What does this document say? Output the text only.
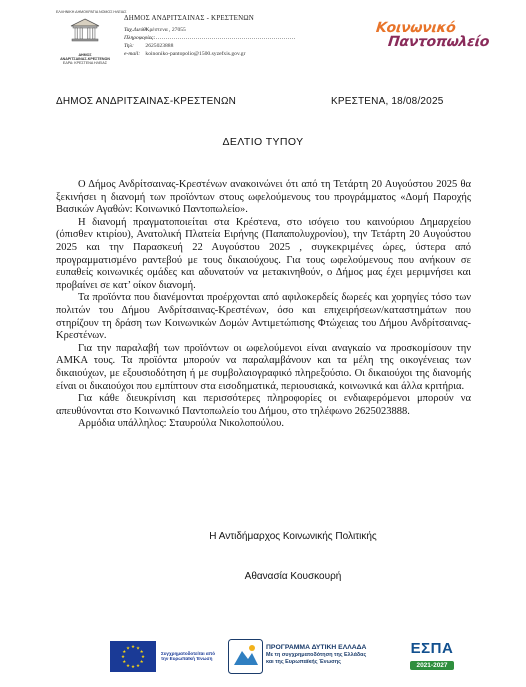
ΕΛΛΗΝΙΚΗ ΔΗΜΟΚΡΑΤΙΑ ΝΟΜΟΣ ΗΛΕΙΑΣ
ΔΗΜΟΣ
ΑΝΔΡΙΤΣΑΙΝΑΣ-ΚΡΕΣΤΕΝΩΝ
ΕΔΡΑ: ΚΡΕΣΤΕΝΑ ΗΛΕΙΑΣ
ΔΗΜΟΣ ΑΝΔΡΙΤΣΑΙΝΑΣ - ΚΡΕΣΤΕΝΩΝ
Ταχ.Διεύθ: Κρέστενα , 27055
Πληροφορίες:
Τηλ: 2625023888
e-mail: koinoniko-pantopolio@1500.syzefxis.gov.gr
Κοινωνικό
Παντοπωλείο
ΔΗΜΟΣ ΑΝΔΡΙΤΣΑΙΝΑΣ-ΚΡΕΣΤΕΝΩΝ	ΚΡΕΣΤΕΝΑ, 18/08/2025
ΔΕΛΤΙΟ ΤΥΠΟΥ

Ο Δήμος Ανδρίτσαινας-Κρεστένων ανακοινώνει ότι από τη Τετάρτη 20 Αυγούστου 2025 θα ξεκινήσει η διανομή των προϊόντων στους ωφελούμενους του προγράμματος «Δομή Παροχής Βασικών Αγαθών: Κοινωνικό Παντοπωλείο».

Η διανομή πραγματοποιείται στα Κρέστενα, στο ισόγειο του καινούριου Δημαρχείου (όπισθεν κτιρίου), Ανατολική Πλατεία Ειρήνης (Παπαπολυχρονίου), την Τετάρτη 20 Αυγούστου 2025 και την Παρασκευή 22 Αυγούστου 2025 , συγκεκριμένες ώρες, ύστερα από προγραμματισμένο ραντεβού με τους δικαιούχους. Για τους ωφελούμενους που ανήκουν σε ευπαθείς κοινωνικές ομάδες και αδυνατούν να μετακινηθούν, ο Δήμος μας έχει μεριμνήσει και προβαίνει σε κατ’ οίκον διανομή.

Τα προϊόντα που διανέμονται προέρχονται από αφιλοκερδείς δωρεές και χορηγίες τόσο των πολιτών του Δήμου Ανδρίτσαινας-Κρεστένων, όσο και επιχειρήσεων/καταστημάτων που στηρίζουν τη δράση των Κοινωνικών Δομών Αντιμετώπισης Φτώχειας του Δήμου Ανδρίτσαινας-Κρεστένων.

Για την παραλαβή των προϊόντων οι ωφελούμενοι είναι αναγκαίο να προσκομίσουν την ΑΜΚΑ τους. Τα προϊόντα μπορούν να παραλαμβάνουν και τα μέλη της οικογένειας των δικαιούχων, με εξουσιοδότηση ή με συμβολαιογραφικό πληρεξούσιο. Οι δικαιούχοι της διανομής είναι οι δικαιούχοι που εμπίπτουν στα εισοδηματικά, περιουσιακά, κοινωνικά και άλλα κριτήρια.

Για κάθε διευκρίνιση και περισσότερες πληροφορίες οι ενδιαφερόμενοι μπορούν να απευθύνονται στο Κοινωνικό Παντοπωλείο του Δήμου, στο τηλέφωνο 2625023888.

Αρμόδια υπάλληλος: Σταυρούλα Νικολοπούλου.

Η Αντιδήμαρχος Κοινωνικής Πολιτικής
Αθανασία Κουσκουρή
★ ★
★
★
★
★
★
★
★
★
★
★
Συγχρηματοδοτείται από
την Ευρωπαϊκή Ένωση
ΠΡΟΓΡΑΜΜΑ ΔΥΤΙΚΗ ΕΛΛΑΔΑ
Με τη συγχρηματοδότηση της Ελλάδας
και της Ευρωπαϊκής Ένωσης
ΕΣΠΑ
2021-2027
